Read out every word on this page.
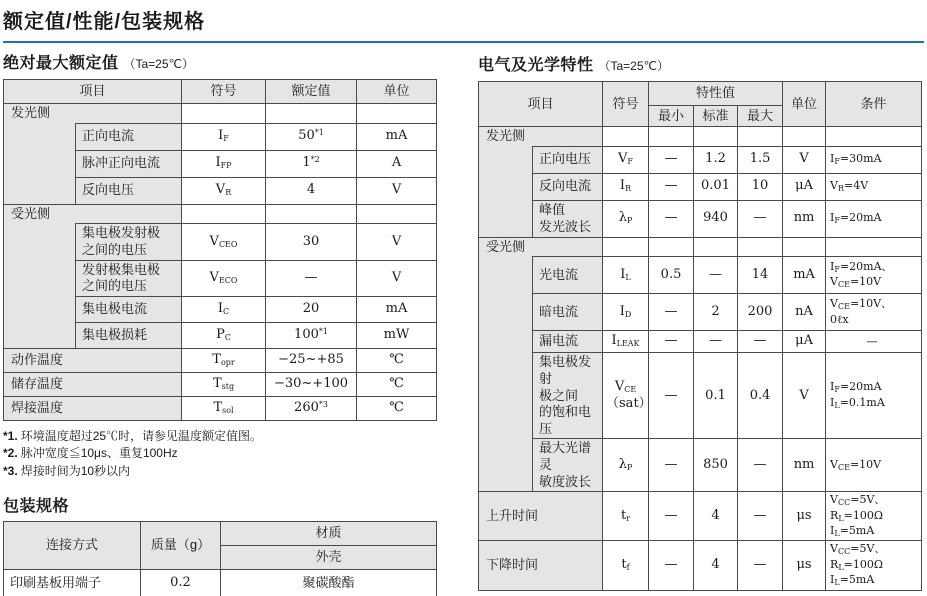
额定值/性能/包装规格
绝对最大额定值 （Ta=25℃）
项目		符号	额定值	单位
发光侧				
	正向电流	$I_F$	50$^{*1}$	mA
	脉冲正向电流	$I_{FP}$	1$^{*2}$	A
	反向电压	$V_R$	4	V
受光侧				
	集电极发射极
之间的电压	$V_{CEO}$	30	V
	发射极集电极
之间的电压	$V_{ECO}$	—	V
	集电极电流	$I_C$	20	mA
	集电极损耗	$P_C$	100$^{*1}$	mW
动作温度		$T_{opr}$	−25~+85	℃
储存温度		$T_{stg}$	−30~+100	℃
焊接温度		$T_{sol}$	260$^{*3}$	℃
*1. 环境温度超过25℃时，请参见温度额定值图。
*2. 脉冲宽度≦10μs、重复100Hz
*3. 焊接时间为10秒以内
包装规格
连接方式	质量（g）	材质
		外壳
印刷基板用端子	0.2	聚碳酸酯
电气及光学特性 （Ta=25℃）
项目		符号	特性值			单位	条件
			最小	标准	最大		
发光侧							
	正向电压	$V_F$	—	1.2	1.5	V	$I_F=30mA$
	反向电流	$I_R$	—	0.01	10	μA	$V_R=4V$
	峰值
发光波长	$\lambda_P$	—	940	—	nm	$I_F=20mA$
受光侧							
	光电流	$I_L$	0.5	—	14	mA	$I_F=20mA$、
$V_{CE}=10V$
	暗电流	$I_D$	—	2	200	nA	$V_{CE}=10V$、
0ℓx
	漏电流	$I_{LEAK}$	—	—	—	μA	—
	集电极发射
极之间
的饱和电压	$V_{CE}$
（sat）	—	0.1	0.4	V	$I_F=20mA$
$I_L=0.1mA$
	最大光谱灵
敏度波长	$\lambda_P$	—	850	—	nm	$V_{CE}=10V$
上升时间		$t_r$	—	4	—	μs	$V_{CC}=5V$、
$R_L=100\Omega$
$I_L=5mA$
下降时间		$t_f$	—	4	—	μs	$V_{CC}=5V$、
$R_L=100\Omega$
$I_L=5mA$
